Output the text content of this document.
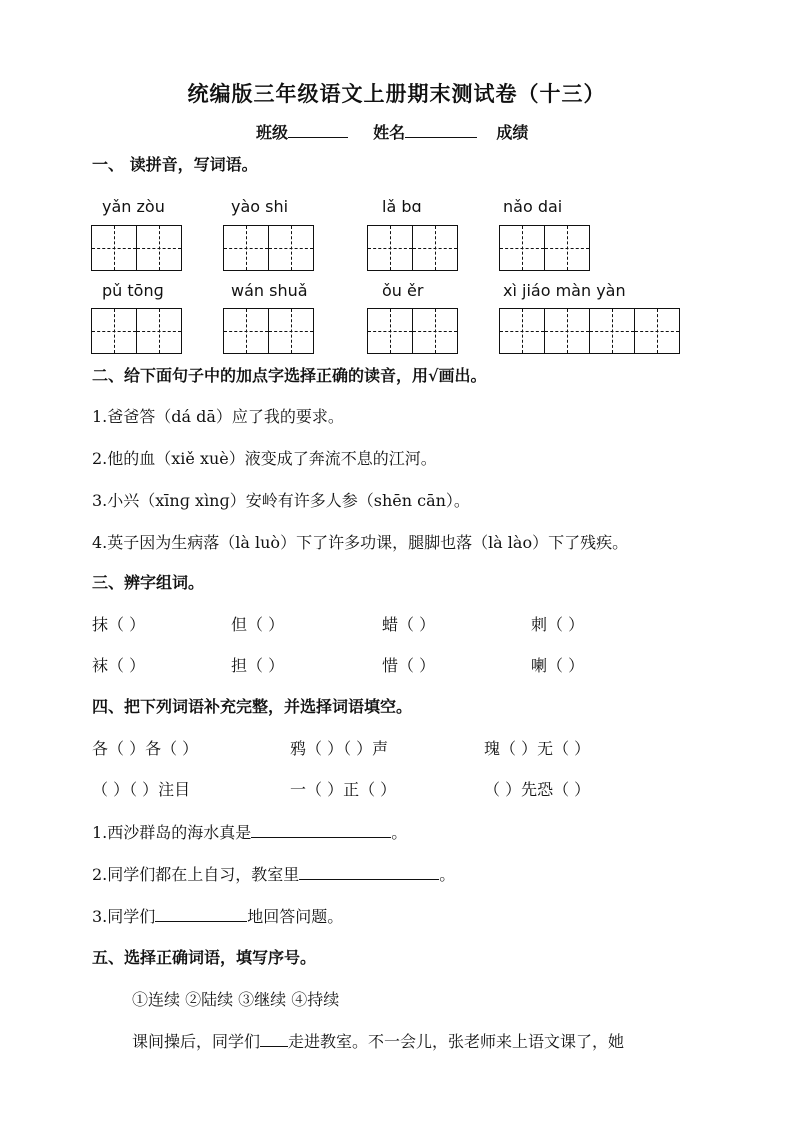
统编版三年级语文上册期末测试卷（十三）
班级	姓名	成绩
一、 读拼音，写词语。
yǎn zòu	yào shi	lǎ bɑ	nǎo dai
pǔ tōnɡ	wán shuǎ	ǒu ěr	xì jiáo màn yàn
二、给下面句子中的加点字选择正确的读音，用√画出。
1.爸爸答（dá dā）应了我的要求。
2.他的血（xiě xuè）液变成了奔流不息的江河。
3.小兴（xīnɡ xìnɡ）安岭有许多人参（shēn cān）。
4.英子因为生病落（là luò）下了许多功课，腿脚也落（là lào）下了残疾。
三、辨字组词。
抹（ ）	但（ ）	蜡（ ）	刺（ ）
袜（ ）	担（ ）	惜（ ）	喇（ ）
四、把下列词语补充完整，并选择词语填空。
各（ ）各（ ）	鸦（ ）（ ）声	瑰（ ）无（ ）
（ ）（ ）注目	一（ ）正（ ）	（ ）先恐（ ）
1.西沙群岛的海水真是	。
2.同学们都在上自习，教室里	。
3.同学们	地回答问题。
五、选择正确词语，填写序号。
①连续 ②陆续 ③继续 ④持续
课间操后，同学们 走进教室。不一会儿，张老师来上语文课了，她
